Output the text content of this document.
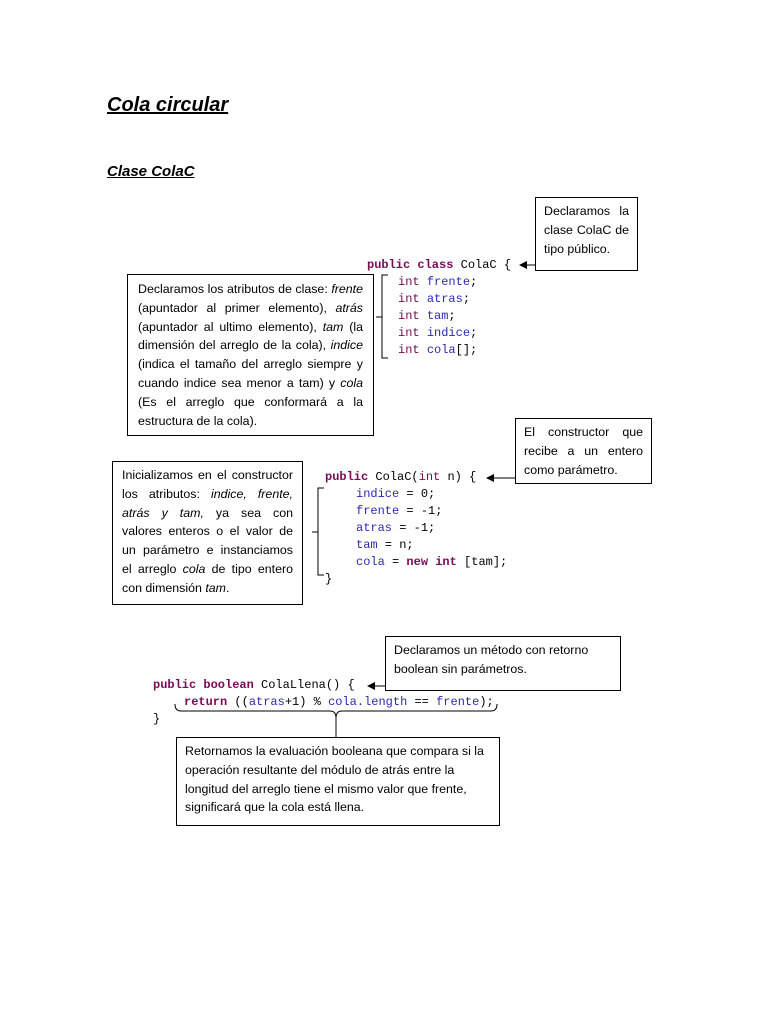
Cola circular
Clase ColaC

Declaramos la clase ColaC de tipo público.

public class ColaC {
int frente;
int atras;
int tam;
int indice;
int cola[];

Declaramos los atributos de clase: frente (apuntador al primer elemento), atrás (apuntador al ultimo elemento), tam (la dimensión del arreglo de la cola), indice (indica el tamaño del arreglo siempre y cuando indice sea menor a tam) y cola (Es el arreglo que conformará a la estructura de la cola).

El constructor que recibe a un entero como parámetro.

Inicializamos en el constructor los atributos: indice, frente, atrás y tam, ya sea con valores enteros o el valor de un parámetro e instanciamos el arreglo cola de tipo entero con dimensión tam.

public ColaC(int n) {
indice = 0;
frente = -1;
atras = -1;
tam = n;
cola = new int [tam];
}

Declaramos un método con retorno boolean sin parámetros.

public boolean ColaLlena() {
return ((atras+1) % cola.length == frente);
}

Retornamos la evaluación booleana que compara si la operación resultante del módulo de atrás entre la longitud del arreglo tiene el mismo valor que frente, significará que la cola está llena.
